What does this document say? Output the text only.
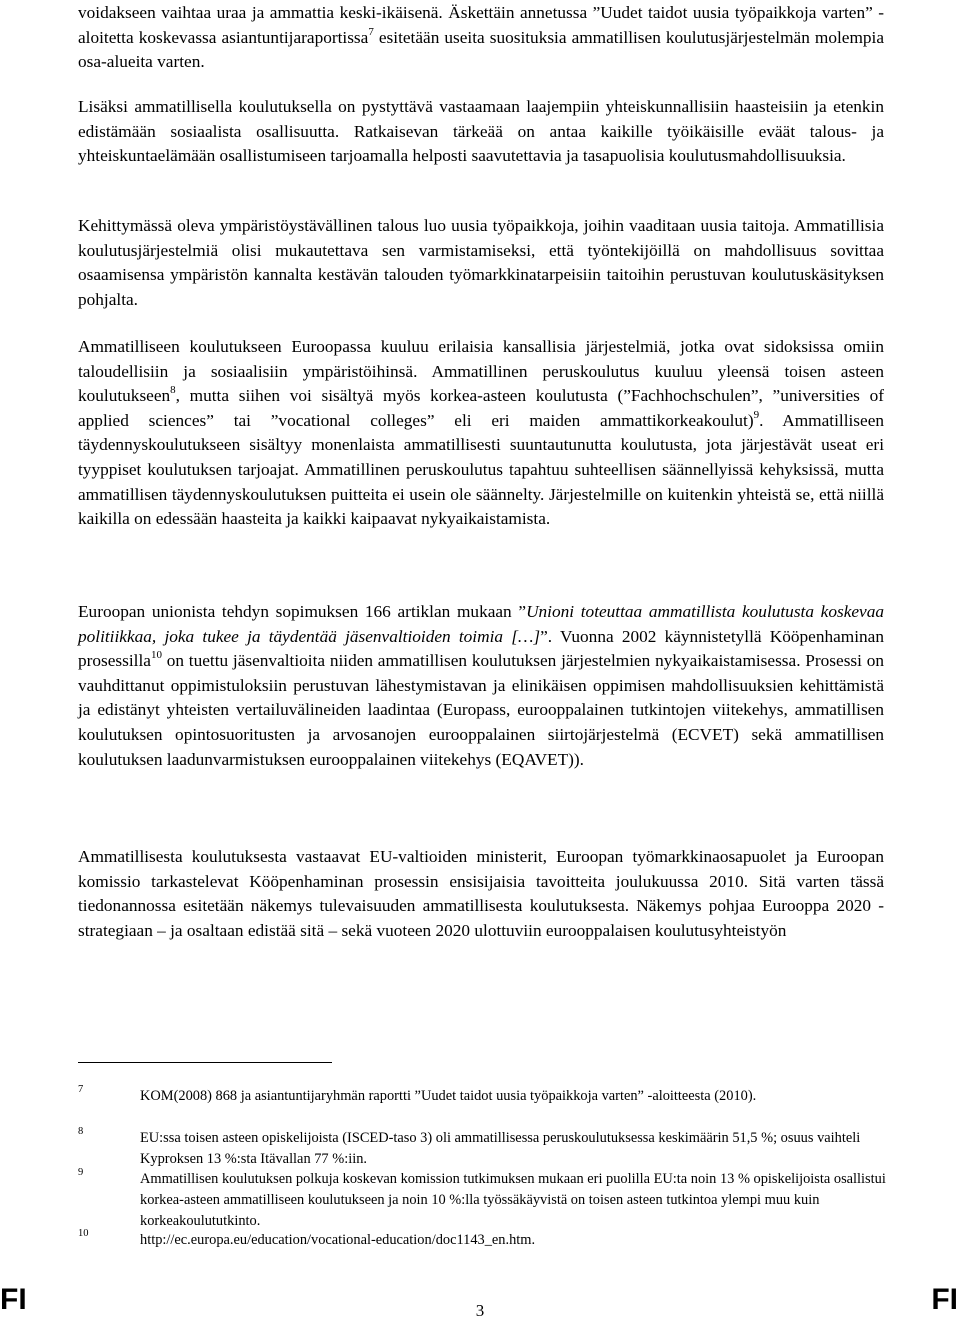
voidakseen vaihtaa uraa ja ammattia keski-ikäisenä. Äskettäin annetussa ”Uudet taidot uusia työpaikkoja varten” -aloitetta koskevassa asiantuntijaraportissa$^7$ esitetään useita suosituksia ammatillisen koulutusjärjestelmän molempia osa-alueita varten.

Lisäksi ammatillisella koulutuksella on pystyttävä vastaamaan laajempiin yhteiskunnallisiin haasteisiin ja etenkin edistämään sosiaalista osallisuutta. Ratkaisevan tärkeää on antaa kaikille työikäisille eväät talous- ja yhteiskuntaelämään osallistumiseen tarjoamalla helposti saavutettavia ja tasapuolisia koulutusmahdollisuuksia.

Kehittymässä oleva ympäristöystävällinen talous luo uusia työpaikkoja, joihin vaaditaan uusia taitoja. Ammatillisia koulutusjärjestelmiä olisi mukautettava sen varmistamiseksi, että työntekijöillä on mahdollisuus sovittaa osaamisensa ympäristön kannalta kestävän talouden työmarkkinatarpeisiin taitoihin perustuvan koulutuskäsityksen pohjalta.

Ammatilliseen koulutukseen Euroopassa kuuluu erilaisia kansallisia järjestelmiä, jotka ovat sidoksissa omiin taloudellisiin ja sosiaalisiin ympäristöihinsä. Ammatillinen peruskoulutus kuuluu yleensä toisen asteen koulutukseen$^8$, mutta siihen voi sisältyä myös korkea-asteen koulutusta (”Fachhochschulen”, ”universities of applied sciences” tai ”vocational colleges” eli eri maiden ammattikorkeakoulut)$^9$. Ammatilliseen täydennyskoulutukseen sisältyy monenlaista ammatillisesti suuntautunutta koulutusta, jota järjestävät useat eri tyyppiset koulutuksen tarjoajat. Ammatillinen peruskoulutus tapahtuu suhteellisen säännellyissä kehyksissä, mutta ammatillisen täydennyskoulutuksen puitteita ei usein ole säännelty. Järjestelmille on kuitenkin yhteistä se, että niillä kaikilla on edessään haasteita ja kaikki kaipaavat nykyaikaistamista.

Euroopan unionista tehdyn sopimuksen 166 artiklan mukaan ”Unioni toteuttaa ammatillista koulutusta koskevaa politiikkaa, joka tukee ja täydentää jäsenvaltioiden toimia […]”. Vuonna 2002 käynnistetyllä Kööpenhaminan prosessilla$^{10}$ on tuettu jäsenvaltioita niiden ammatillisen koulutuksen järjestelmien nykyaikaistamisessa. Prosessi on vauhdittanut oppimistuloksiin perustuvan lähestymistavan ja elinikäisen oppimisen mahdollisuuksien kehittämistä ja edistänyt yhteisten vertailuvälineiden laadintaa (Europass, eurooppalainen tutkintojen viitekehys, ammatillisen koulutuksen opintosuoritusten ja arvosanojen eurooppalainen siirtojärjestelmä (ECVET) sekä ammatillisen koulutuksen laadunvarmistuksen eurooppalainen viitekehys (EQAVET)).

Ammatillisesta koulutuksesta vastaavat EU-valtioiden ministerit, Euroopan työmarkkinaosapuolet ja Euroopan komissio tarkastelevat Kööpenhaminan prosessin ensisijaisia tavoitteita joulukuussa 2010. Sitä varten tässä tiedonannossa esitetään näkemys tulevaisuuden ammatillisesta koulutuksesta. Näkemys pohjaa Eurooppa 2020 -strategiaan – ja osaltaan edistää sitä – sekä vuoteen 2020 ulottuviin eurooppalaisen koulutusyhteistyön

7	KOM(2008) 868 ja asiantuntijaryhmän raportti ”Uudet taidot uusia työpaikkoja varten” -aloitteesta (2010).
8	EU:ssa toisen asteen opiskelijoista (ISCED-taso 3) oli ammatillisessa peruskoulutuksessa keskimäärin 51,5 %; osuus vaihteli Kyproksen 13 %:sta Itävallan 77 %:iin.
9	Ammatillisen koulutuksen polkuja koskevan komission tutkimuksen mukaan eri puolilla EU:ta noin 13 % opiskelijoista osallistui korkea-asteen ammatilliseen koulutukseen ja noin 10 %:lla työssäkäyvistä on toisen asteen tutkintoa ylempi muu kuin korkeakoulututkinto.
10	http://ec.europa.eu/education/vocational-education/doc1143_en.htm.
FI	3	FI
